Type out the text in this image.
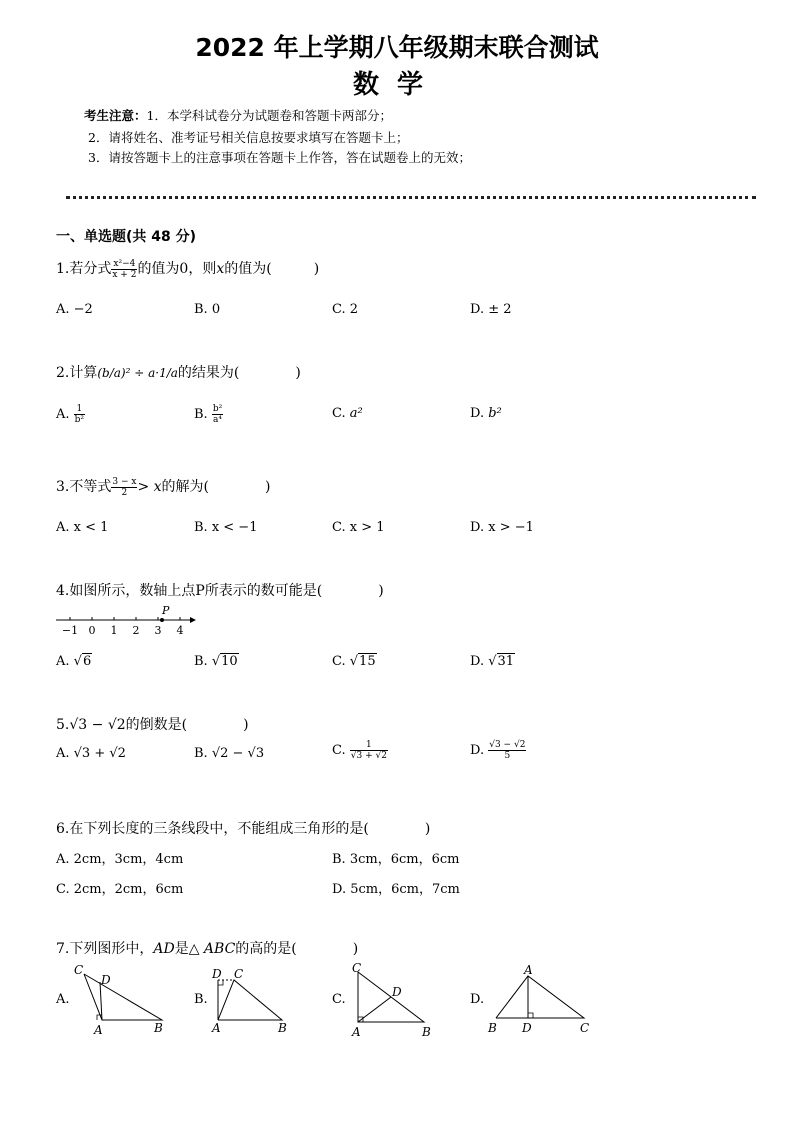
2022 年上学期八年级期末联合测试
数学
考生注意：1．本学科试卷分为试题卷和答题卡两部分；
2．请将姓名、准考证号相关信息按要求填写在答题卡上；
3．请按答题卡上的注意事项在答题卡上作答，答在试题卷上的无效；
一、单选题(共 48 分)
1.若分式 $\frac{\text{x²−4}}{x + 2}$ 的值为0，则x的值为(　　　)
A. −2	B. 0	C. 2	D. ± 2
2.计算(b/a)² ÷ a·1/a的结果为(　　　　)
A. $\frac{1}{\text{b²}}$	B. $\frac{\text{b²}}{\text{a⁴}}$	C. a²	D. b²
3.不等式 $\frac{3 - x}{2} > x$的解为(　　　　)
A. x < 1	B. x < −1	C. x > 1	D. x > −1
4.如图所示，数轴上点P所表示的数可能是(　　　　)
−1 0 1 2 3 4
P
A. √6	B. √10	C. √15	D. √31
5.√3 − √2的倒数是(　　　　)
A. √3 + √2	B. √2 − √3	C. $\frac{1}{√3 + √2}$	D. $\frac{√3 - √2}{5}$
6.在下列长度的三条线段中，不能组成三角形的是(　　　　)
A. 2cm，3cm，4cm	B. 3cm，6cm，6cm
C. 2cm，2cm，6cm	D. 5cm，6cm，7cm
7.下列图形中，AD是△ ABC的高的是(　　　　)
A.
C
D
A	B
B.
D C
A	B
C.
C
D
A	B
D.
A
B D	C
